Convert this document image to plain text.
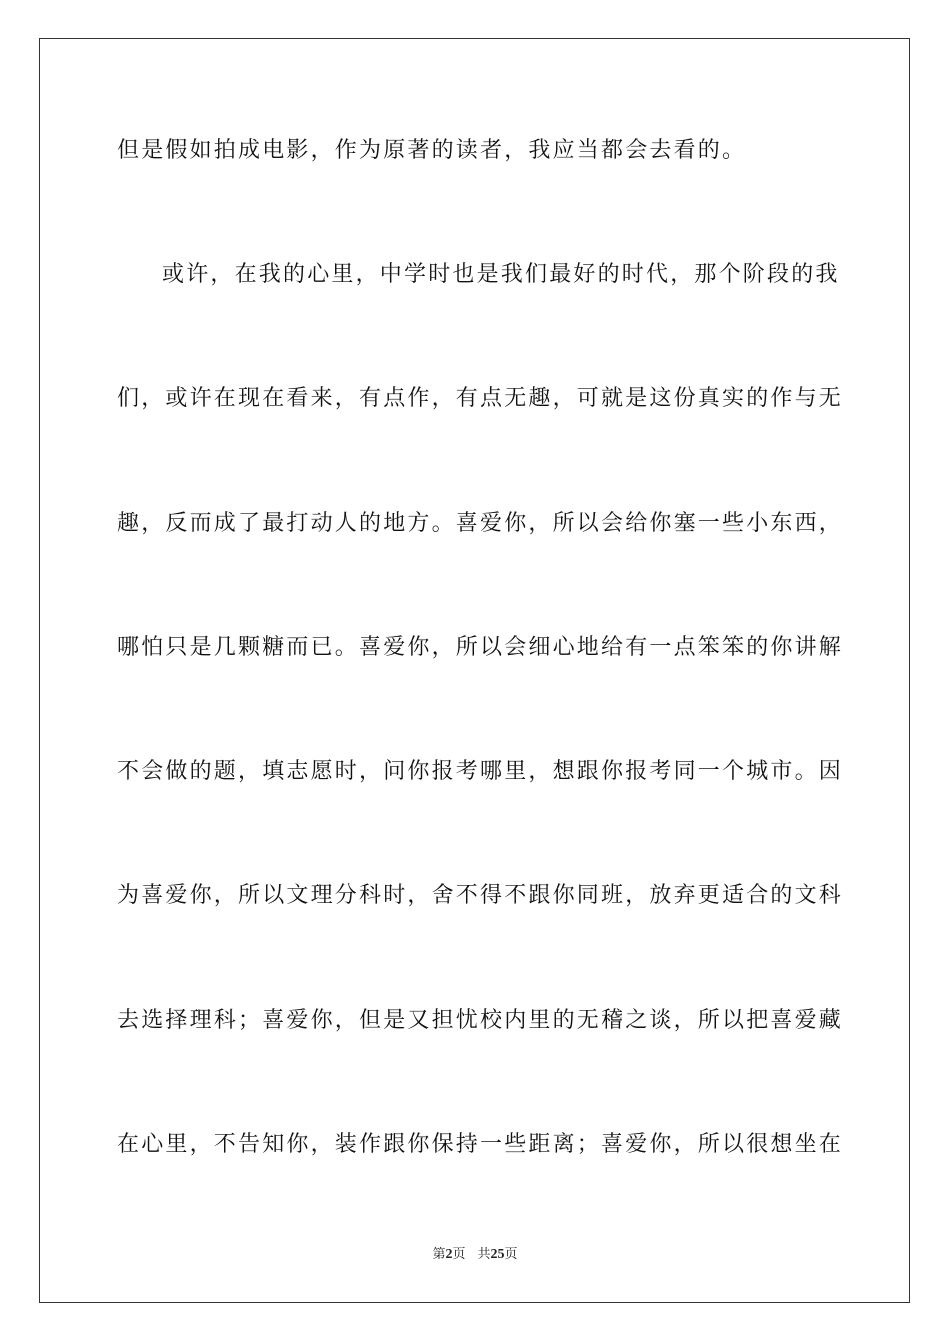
但是假如拍成电影，作为原著的读者，我应当都会去看的。
或许，在我的心里，中学时也是我们最好的时代，那个阶段的我
们，或许在现在看来，有点作，有点无趣，可就是这份真实的作与无
趣，反而成了最打动人的地方。喜爱你，所以会给你塞一些小东西，
哪怕只是几颗糖而已。喜爱你，所以会细心地给有一点笨笨的你讲解
不会做的题，填志愿时，问你报考哪里，想跟你报考同一个城市。因
为喜爱你，所以文理分科时，舍不得不跟你同班，放弃更适合的文科
去选择理科；喜爱你，但是又担忧校内里的无稽之谈，所以把喜爱藏
在心里，不告知你，装作跟你保持一些距离；喜爱你，所以很想坐在
第2页 共25页
